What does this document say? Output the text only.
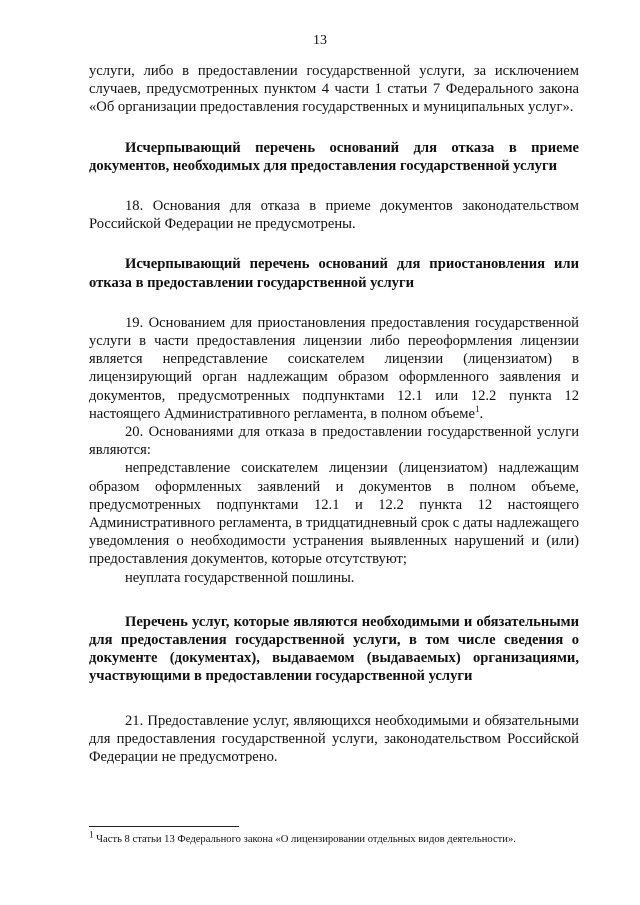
13

услуги, либо в предоставлении государственной услуги, за исключением случаев, предусмотренных пунктом 4 части 1 статьи 7 Федерального закона «Об организации предоставления государственных и муниципальных услуг».

Исчерпывающий перечень оснований для отказа в приеме документов, необходимых для предоставления государственной услуги

18. Основания для отказа в приеме документов законодательством Российской Федерации не предусмотрены.

Исчерпывающий перечень оснований для приостановления или отказа в предоставлении государственной услуги

19. Основанием для приостановления предоставления государственной услуги в части предоставления лицензии либо переоформления лицензии является непредставление соискателем лицензии (лицензиатом) в лицензирующий орган надлежащим образом оформленного заявления и документов, предусмотренных подпунктами 12.1 или 12.2 пункта 12 настоящего Административного регламента, в полном объеме$^1$.

20. Основаниями для отказа в предоставлении государственной услуги являются:

непредставление соискателем лицензии (лицензиатом) надлежащим образом оформленных заявлений и документов в полном объеме, предусмотренных подпунктами 12.1 и 12.2 пункта 12 настоящего Административного регламента, в тридцатидневный срок с даты надлежащего уведомления о необходимости устранения выявленных нарушений и (или) предоставления документов, которые отсутствуют;

неуплата государственной пошлины.

Перечень услуг, которые являются необходимыми и обязательными для предоставления государственной услуги, в том числе сведения о документе (документах), выдаваемом (выдаваемых) организациями, участвующими в предоставлении государственной услуги

21. Предоставление услуг, являющихся необходимыми и обязательными для предоставления государственной услуги, законодательством Российской Федерации не предусмотрено.

$^1$ Часть 8 статьи 13 Федерального закона «О лицензировании отдельных видов деятельности».
